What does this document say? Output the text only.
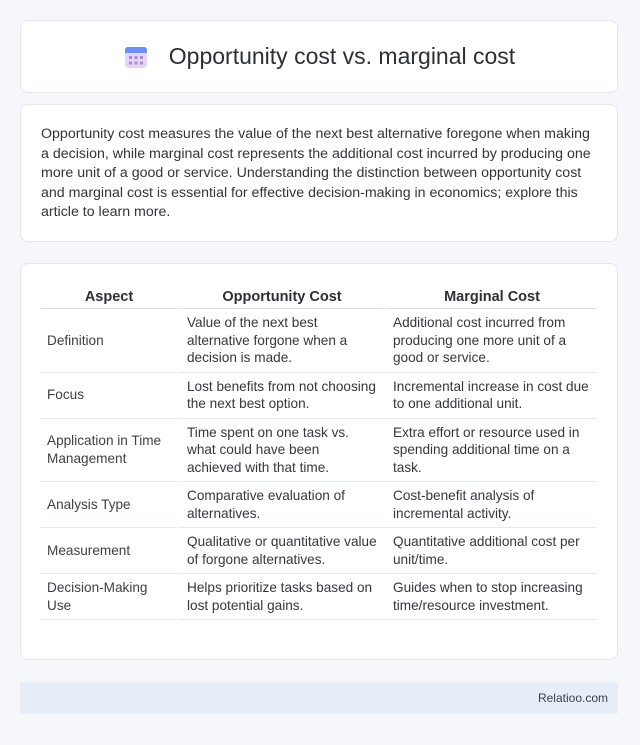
Opportunity cost vs. marginal cost

Opportunity cost measures the value of the next best alternative foregone when making a decision, while marginal cost represents the additional cost incurred by producing one more unit of a good or service. Understanding the distinction between opportunity cost and marginal cost is essential for effective decision-making in economics; explore this article to learn more.

Aspect	Opportunity Cost	Marginal Cost
Definition	Value of the next best alternative forgone when a decision is made.	Additional cost incurred from producing one more unit of a good or service.
Focus	Lost benefits from not choosing the next best option.	Incremental increase in cost due to one additional unit.
Application in Time Management	Time spent on one task vs. what could have been achieved with that time.	Extra effort or resource used in spending additional time on a task.
Analysis Type	Comparative evaluation of alternatives.	Cost-benefit analysis of incremental activity.
Measurement	Qualitative or quantitative value of forgone alternatives.	Quantitative additional cost per unit/time.
Decision-Making Use	Helps prioritize tasks based on lost potential gains.	Guides when to stop increasing time/resource investment.
Relatioo.com
